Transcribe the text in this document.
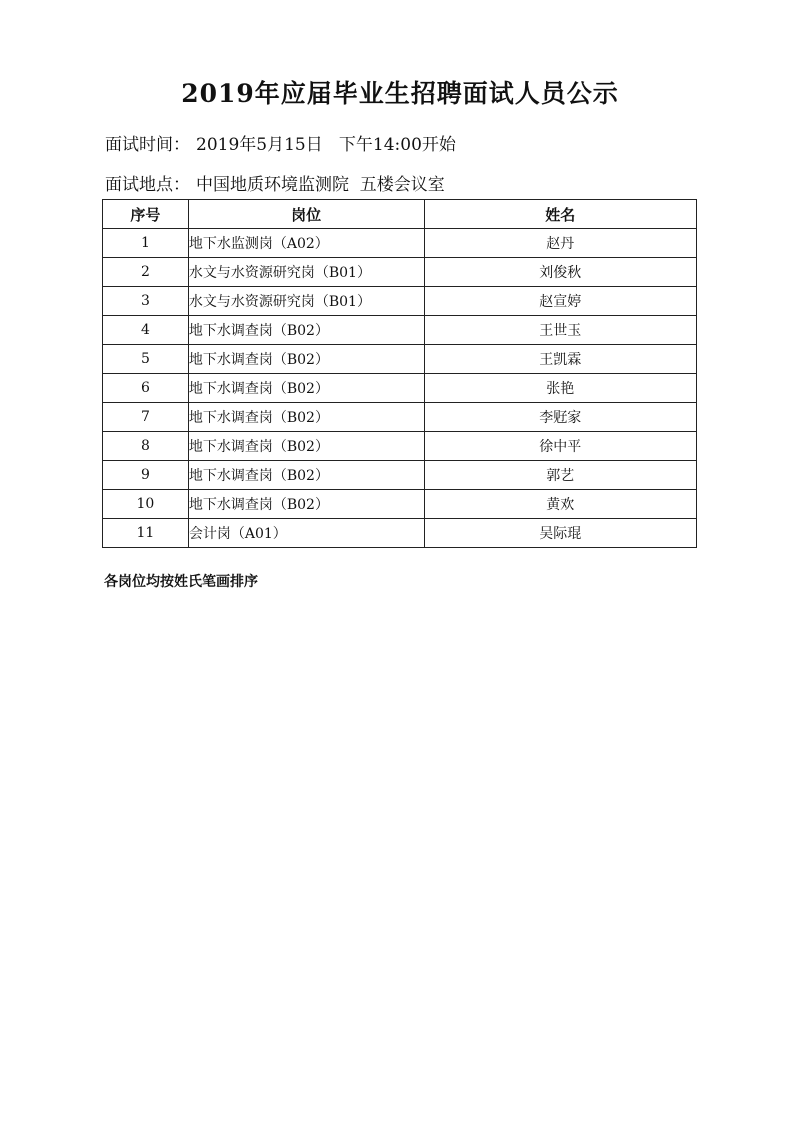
2019年应届毕业生招聘面试人员公示
面试时间： 2019年5月15日   下午14:00开始
面试地点： 中国地质环境监测院  五楼会议室
序号	岗位	姓名
1	地下水监测岗（A02）	赵丹
2	水文与水资源研究岗（B01）	刘俊秋
3	水文与水资源研究岗（B01）	赵宣婷
4	地下水调查岗（B02）	王世玉
5	地下水调查岗（B02）	王凯霖
6	地下水调查岗（B02）	张艳
7	地下水调查岗（B02）	李觃家
8	地下水调查岗（B02）	徐中平
9	地下水调查岗（B02）	郭艺
10	地下水调查岗（B02）	黄欢
11	会计岗（A01）	吴际琨
各岗位均按姓氏笔画排序
